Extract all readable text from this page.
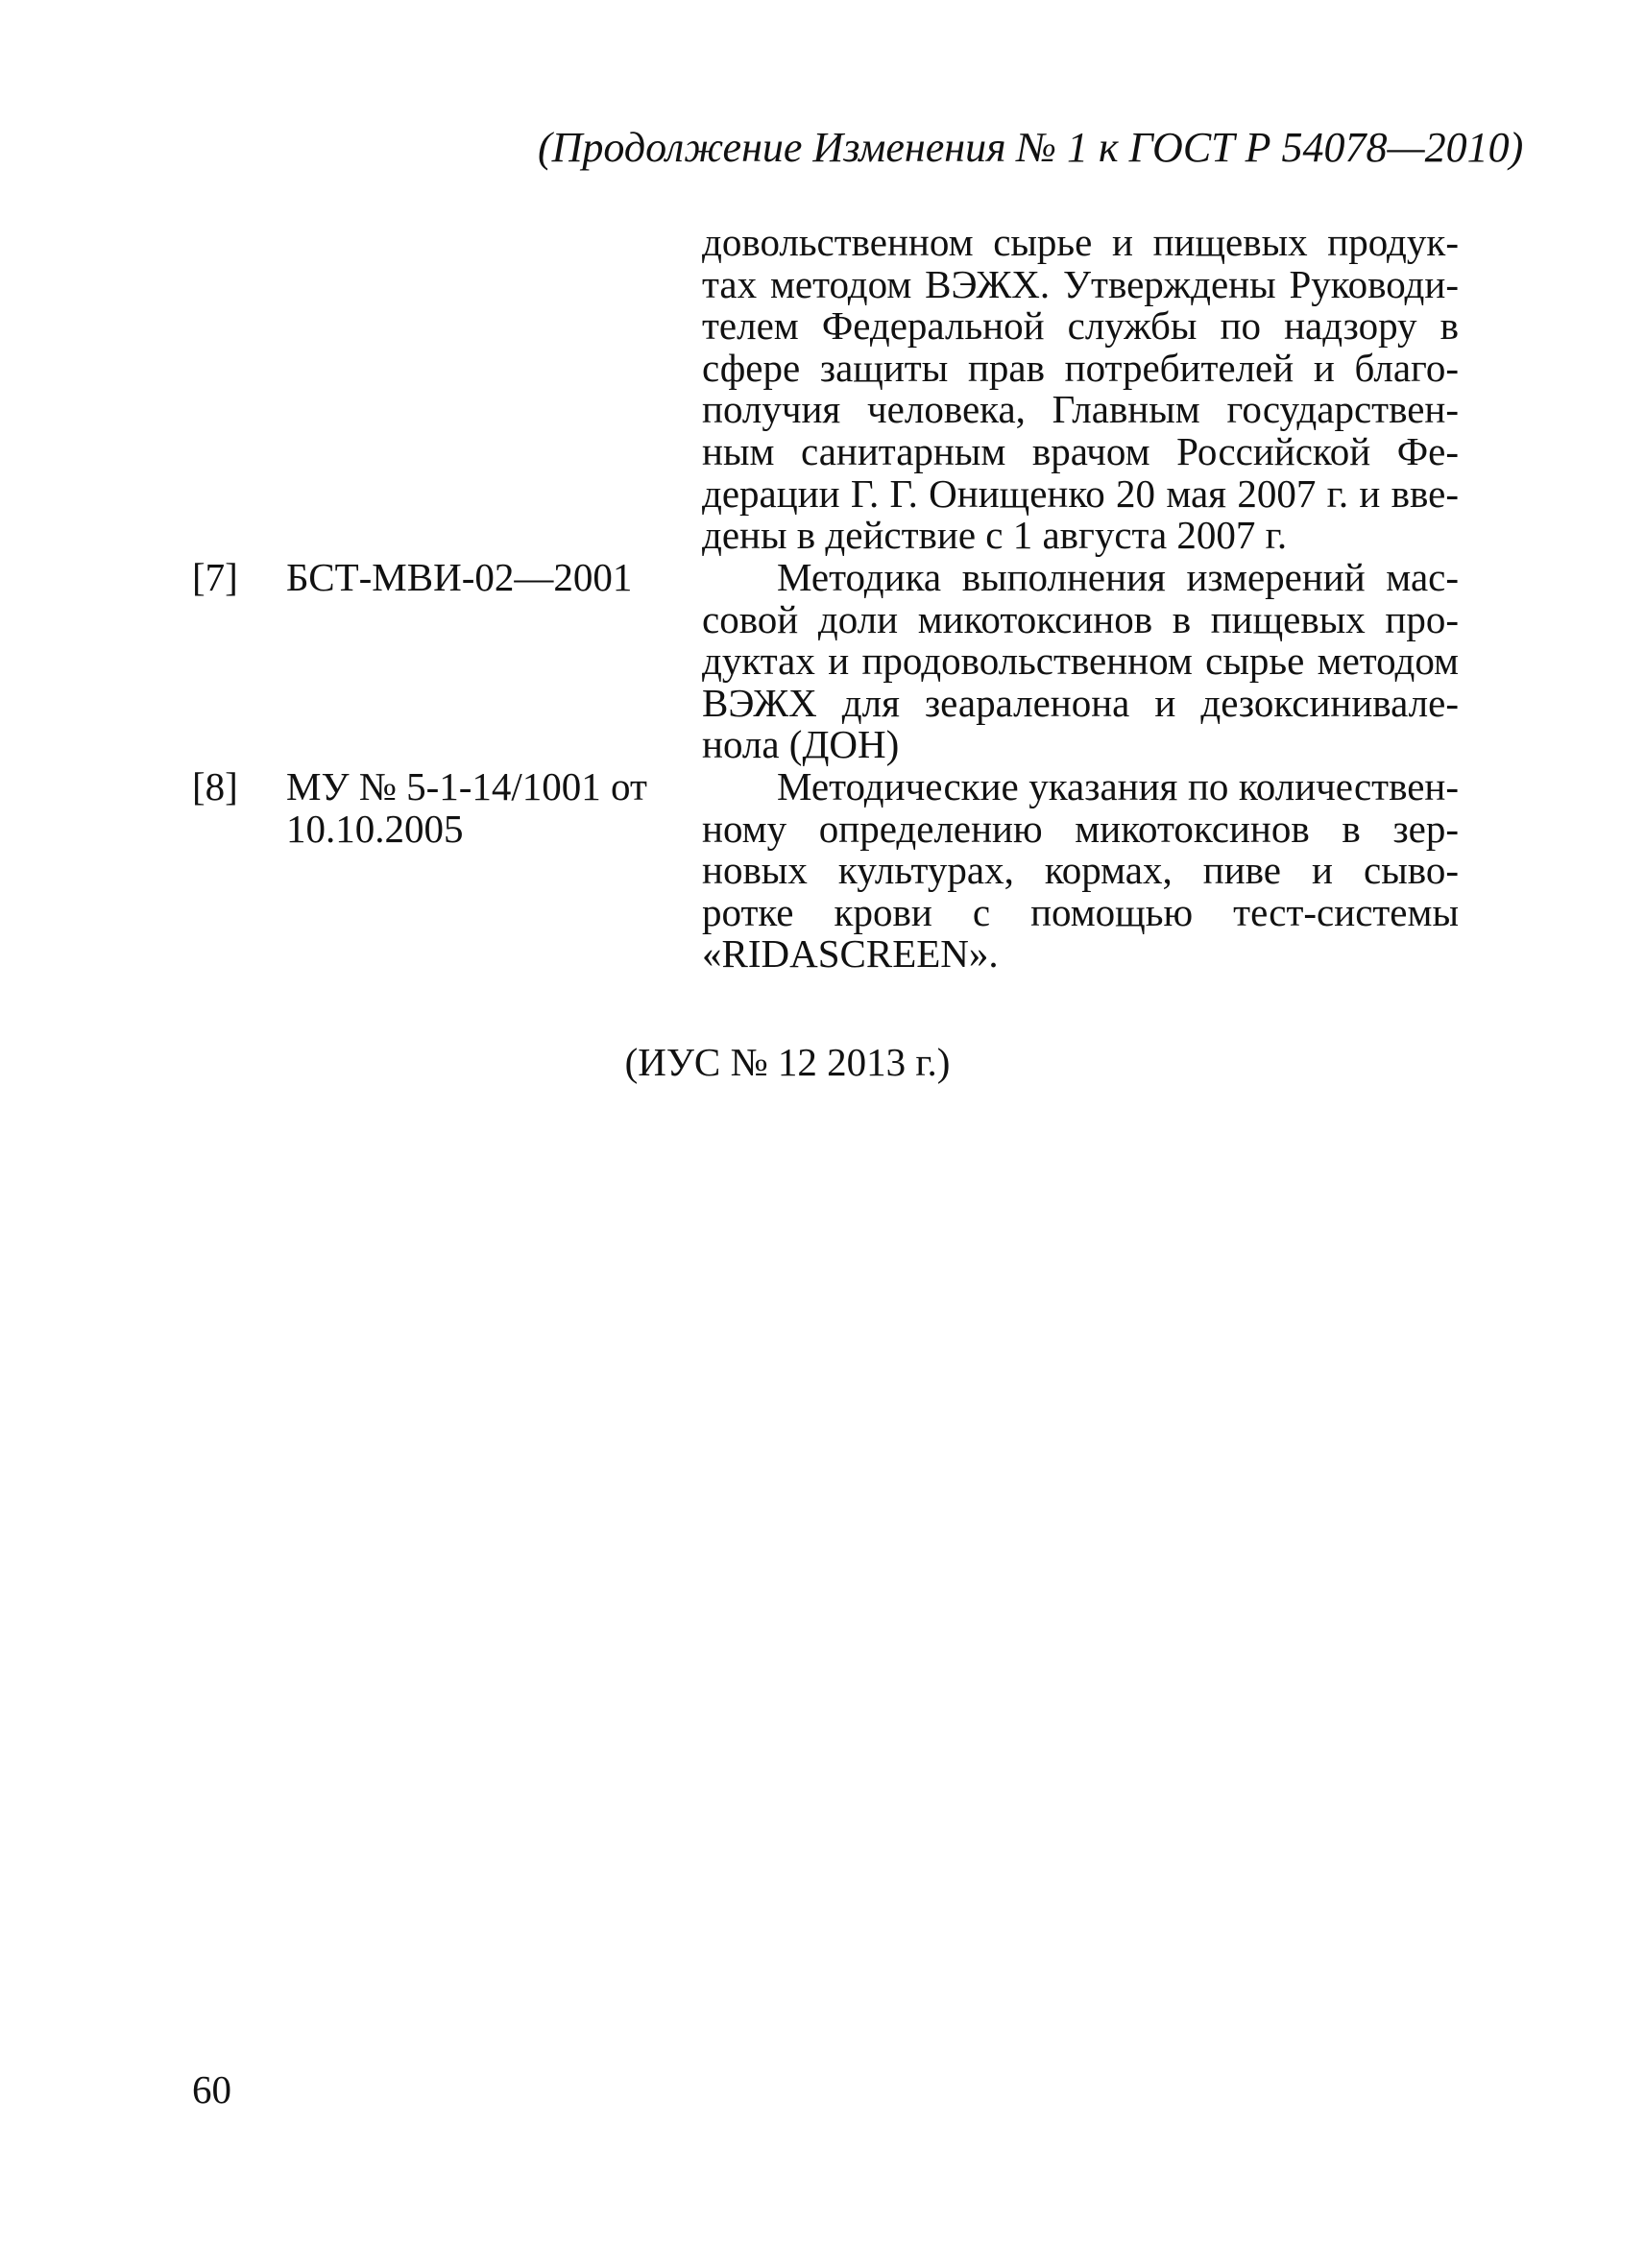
(Продолжение Изменения № 1 к ГОСТ Р 54078—2010)
довольственном сырье и пищевых продук-
тах методом ВЭЖХ. Утверждены Руководи-
телем Федеральной службы по надзору в
сфере защиты прав потребителей и благо-
получия человека, Главным государствен-
ным санитарным врачом Российской Фе-
дерации Г. Г. Онищенко 20 мая 2007 г. и вве-
дены в действие с 1 августа 2007 г.
[7] БСТ-МВИ-02—2001	Методика выполнения измерений мас-
совой доли микотоксинов в пищевых про-
дуктах и продовольственном сырье методом
ВЭЖХ для зеараленона и дезоксинивале-
нола (ДОН)
[8] МУ № 5-1-14/1001 от
10.10.2005
Методические указания по количествен-
ному определению микотоксинов в зер-
новых культурах, кормах, пиве и сыво-
ротке крови с помощью тест-системы
«RIDASCREEN».
(ИУС № 12 2013 г.)
60
